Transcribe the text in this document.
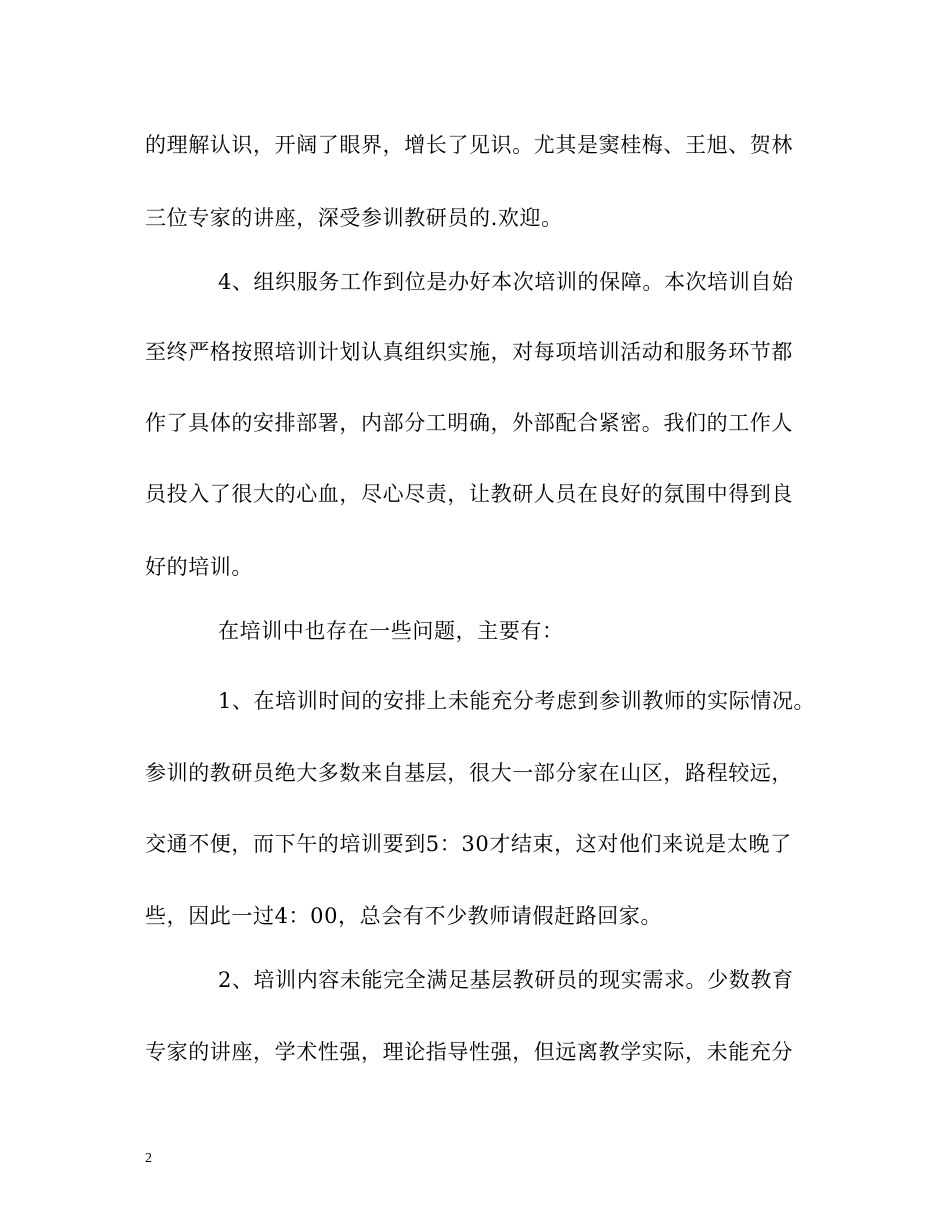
的理解认识，开阔了眼界，增长了见识。尤其是窦桂梅、王旭、贺林
三位专家的讲座，深受参训教研员的.欢迎。
4、组织服务工作到位是办好本次培训的保障。本次培训自始
至终严格按照培训计划认真组织实施，对每项培训活动和服务环节都
作了具体的安排部署，内部分工明确，外部配合紧密。我们的工作人
员投入了很大的心血，尽心尽责，让教研人员在良好的氛围中得到良
好的培训。
在培训中也存在一些问题，主要有：
1、在培训时间的安排上未能充分考虑到参训教师的实际情况。
参训的教研员绝大多数来自基层，很大一部分家在山区，路程较远，
交通不便，而下午的培训要到5：30才结束，这对他们来说是太晚了
些，因此一过4：00，总会有不少教师请假赶路回家。
2、培训内容未能完全满足基层教研员的现实需求。少数教育
专家的讲座，学术性强，理论指导性强，但远离教学实际，未能充分
2
